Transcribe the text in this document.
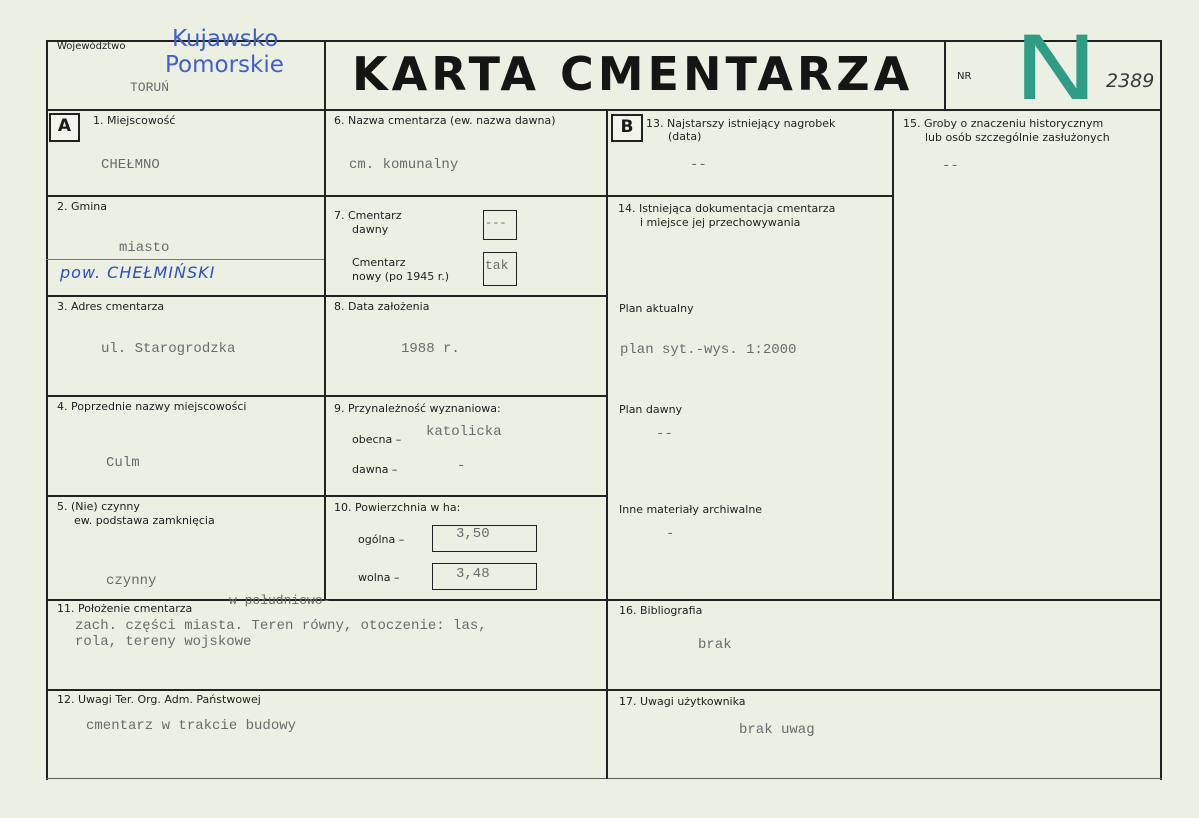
Województwo Kujawsko
Pomorskie
TORUŃ	KARTA CMENTARZA	NR N 2389
A	B
1. Miejscowość
CHEŁMNO
2. Gmina
miasto
pow. CHEŁMIŃSKI
3. Adres cmentarza
ul. Starogrodzka
4. Poprzednie nazwy miejscowości
Culm
5. (Nie) czynny
ew. podstawa zamknięcia
czynny
6. Nazwa cmentarza (ew. nazwa dawna)
cm. komunalny
7. Cmentarz
dawny	---
Cmentarz
nowy (po 1945 r.)
tak
8. Data założenia
1988 r.
9. Przynależność wyznaniowa:
obecna – katolicka
dawna –	-
10. Powierzchnia w ha:
ogólna –	3,50
wolna –	3,48
11. Położenie cmentarza
w południowo-
zach. części miasta. Teren równy, otoczenie: las,
rola, tereny wojskowe
12. Uwagi Ter. Org. Adm. Państwowej
cmentarz w trakcie budowy
13. Najstarszy istniejący nagrobek
(data)
--
14. Istniejąca dokumentacja cmentarza
i miejsce jej przechowywania
Plan aktualny
plan syt.-wys. 1:2000
Plan dawny
--
Inne materiały archiwalne
-
15. Groby o znaczeniu historycznym
lub osób szczególnie zasłużonych
--
16. Bibliografia
brak
17. Uwagi użytkownika
brak uwag
